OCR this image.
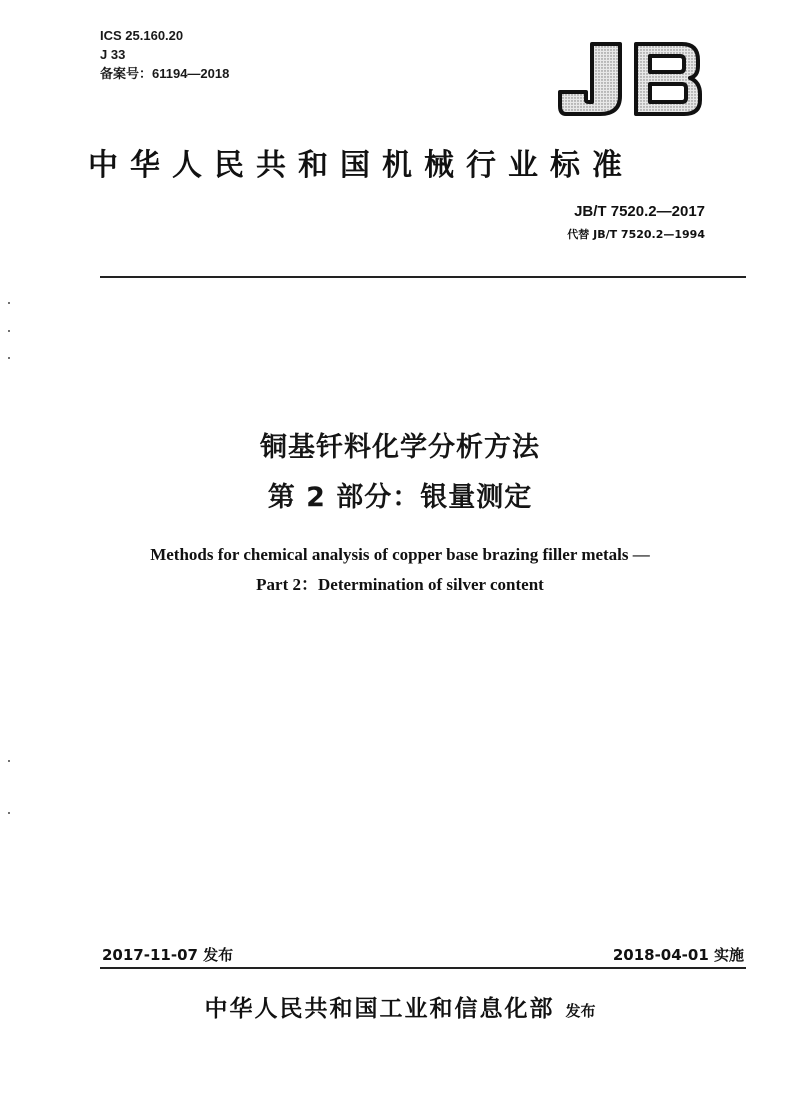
ICS 25.160.20
J 33
备案号：61194—2018
中华人民共和国机械行业标准
JB/T 7520.2—2017
代替 JB/T 7520.2—1994
铜基钎料化学分析方法
第 2 部分：银量测定
Methods for chemical analysis of copper base brazing filler metals —
Part 2：Determination of silver content
2017-11-07 发布	2018-04-01 实施
中华人民共和国工业和信息化部 发布
